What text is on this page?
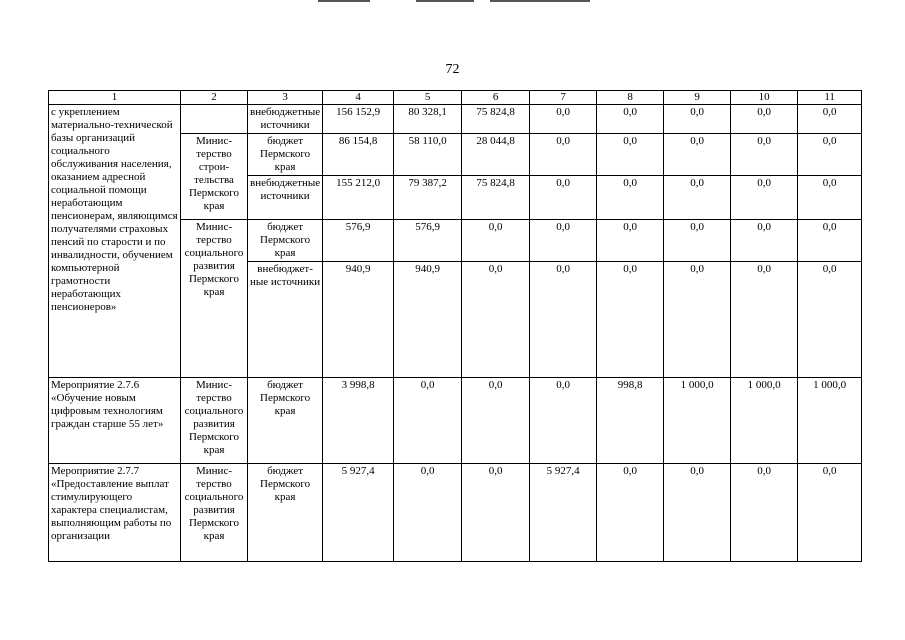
72
1	2	3	4	5	6	7	8	9	10	11
с укреплением материально-технической базы организаций социального обслуживания населения, оказанием адресной социальной помощи неработающим пенсионерам, являющимся получателями страховых пенсий по старости и по инвалидности, обучением компьютерной грамотности неработающих пенсионеров»		внебюджетные источники	156 152,9	80 328,1	75 824,8	0,0	0,0	0,0	0,0	0,0
	Минис-терство строи-тельства Пермского края	бюджет Пермского края	86 154,8	58 110,0	28 044,8	0,0	0,0	0,0	0,0	0,0
		внебюджетные источники	155 212,0	79 387,2	75 824,8	0,0	0,0	0,0	0,0	0,0
	Минис-терство социального развития Пермского края	бюджет Пермского края	576,9	576,9	0,0	0,0	0,0	0,0	0,0	0,0
		внебюджет-ные источники	940,9	940,9	0,0	0,0	0,0	0,0	0,0	0,0
Мероприятие 2.7.6 «Обучение новым цифровым технологиям граждан старше 55 лет»	Минис-терство социального развития Пермского края	бюджет Пермского края	3 998,8	0,0	0,0	0,0	998,8	1 000,0	1 000,0	1 000,0
Мероприятие 2.7.7 «Предоставление выплат стимулирующего характера специалистам, выполняющим работы по организации	Минис-терство социального развития Пермского края	бюджет Пермского края	5 927,4	0,0	0,0	5 927,4	0,0	0,0	0,0	0,0
